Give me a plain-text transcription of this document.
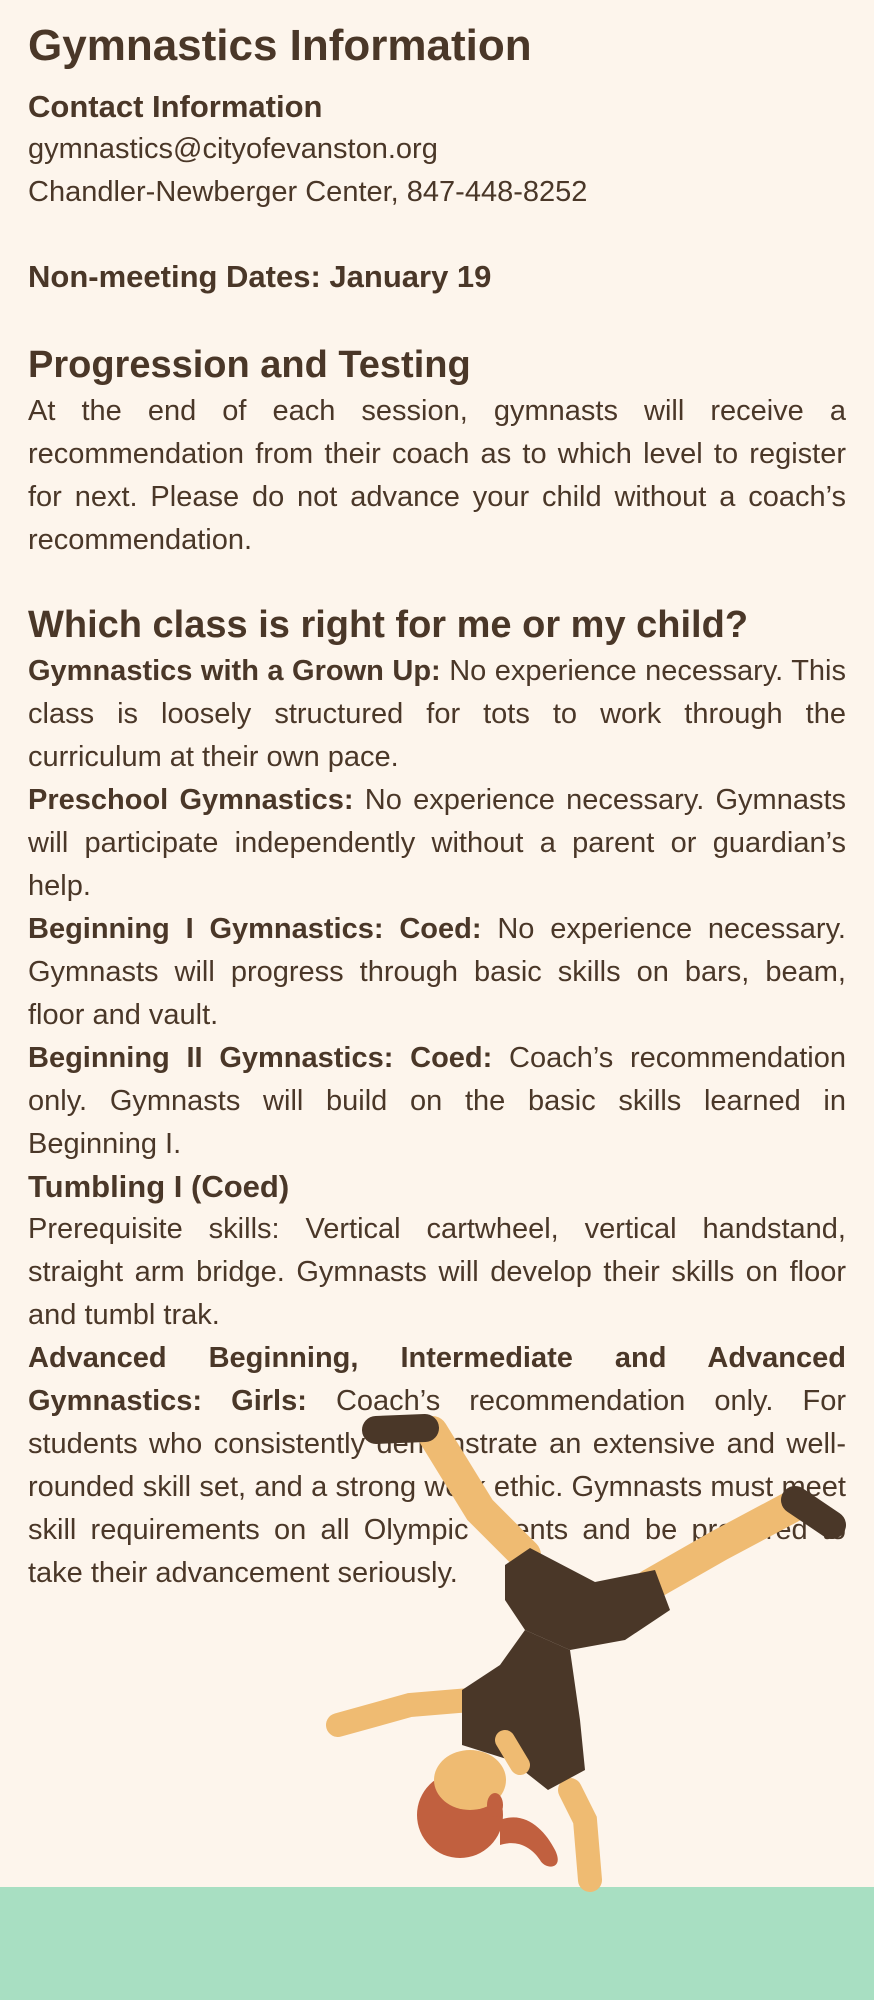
Gymnastics Information
Contact Information

gymnastics@cityofevanston.org

Chandler-Newberger Center, 847-448-8252

Non-meeting Dates: January 19
Progression and Testing

At the end of each session, gymnasts will receive a recommendation from their coach as to which level to register for next. Please do not advance your child without a coach’s recommendation.

Which class is right for me or my child?

Gymnastics with a Grown Up: No experience necessary. This class is loosely structured for tots to work through the curriculum at their own pace.

Preschool Gymnastics: No experience necessary. Gymnasts will participate independently without a parent or guardian’s help.

Beginning I Gymnastics: Coed: No experience necessary. Gymnasts will progress through basic skills on bars, beam, floor and vault.

Beginning II Gymnastics: Coed: Coach’s recommendation only. Gymnasts will build on the basic skills learned in Beginning I.

Tumbling I (Coed)

Prerequisite skills: Vertical cartwheel, vertical handstand, straight arm bridge. Gymnasts will develop their skills on floor and tumbl trak.

Advanced Beginning, Intermediate and Advanced Gymnastics: Girls: Coach’s recommendation only. For students who consistently demonstrate an extensive and well-rounded skill set, and a strong work ethic. Gymnasts must meet skill requirements on all Olympic events and be prepared to take their advancement seriously.
